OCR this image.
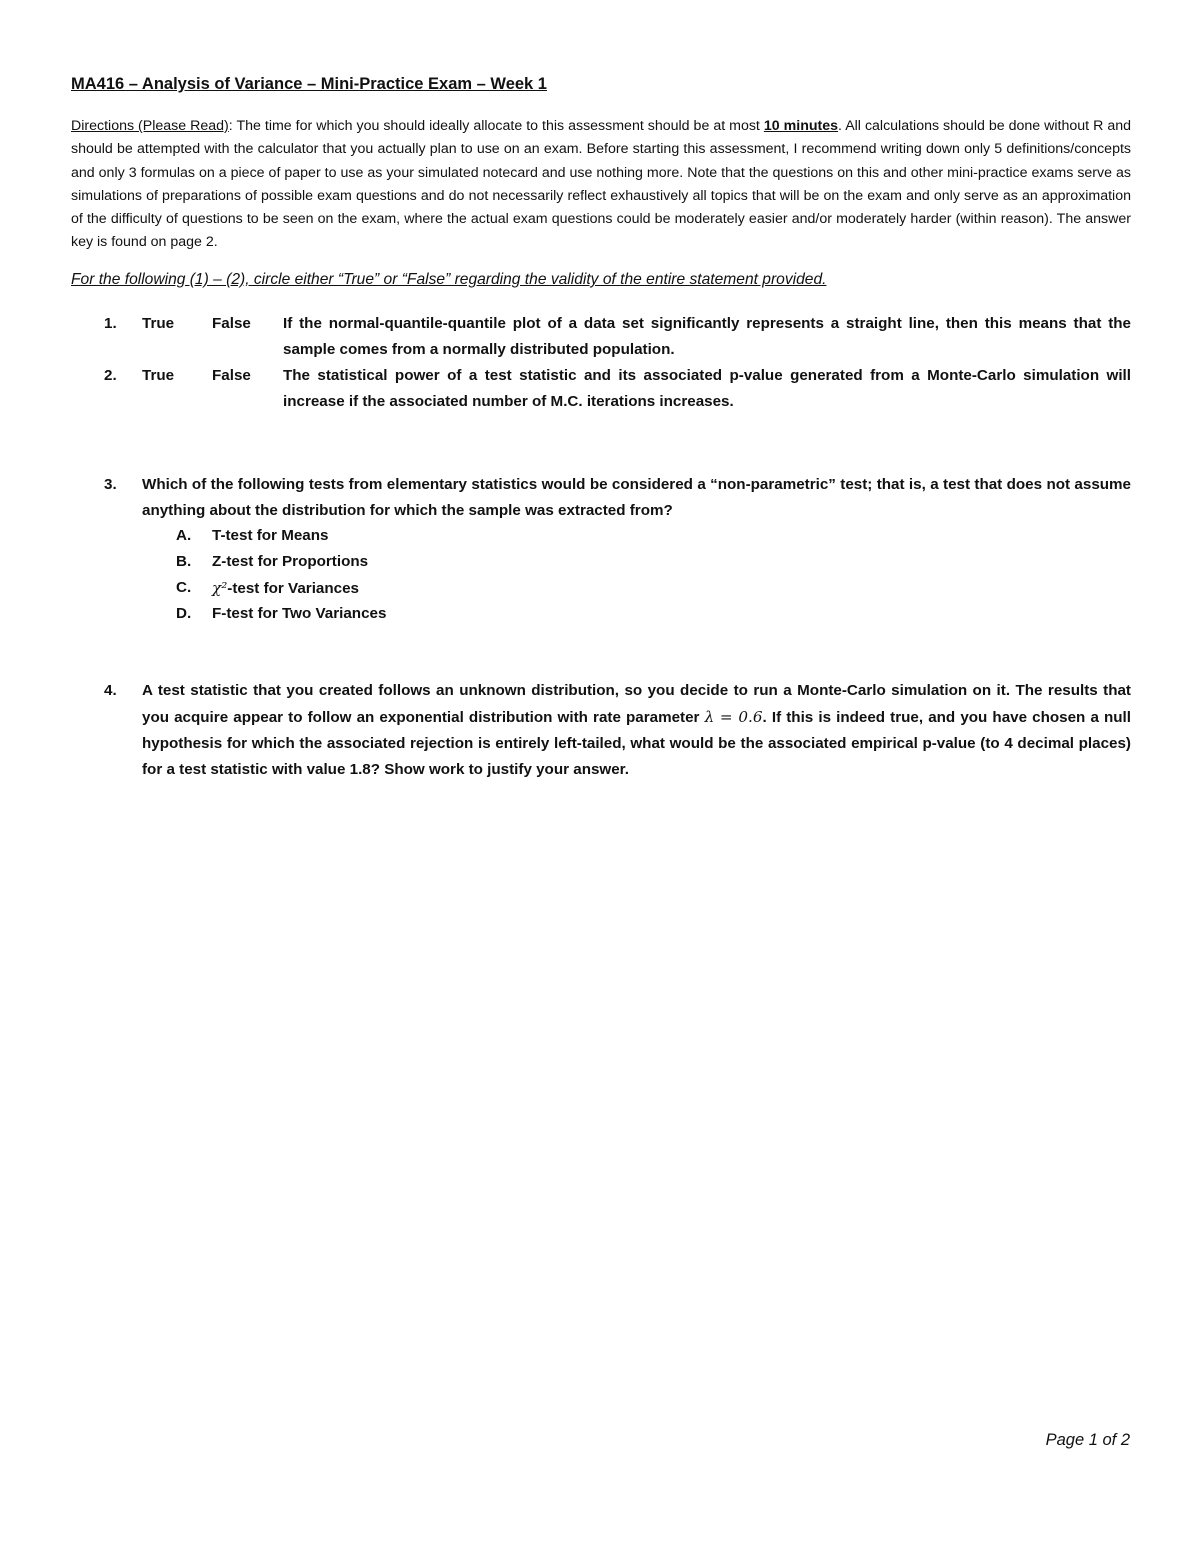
MA416 – Analysis of Variance – Mini-Practice Exam – Week 1
Directions (Please Read): The time for which you should ideally allocate to this assessment should be at most 10 minutes. All calculations should be done without R and should be attempted with the calculator that you actually plan to use on an exam. Before starting this assessment, I recommend writing down only 5 definitions/concepts and only 3 formulas on a piece of paper to use as your simulated notecard and use nothing more. Note that the questions on this and other mini-practice exams serve as simulations of preparations of possible exam questions and do not necessarily reflect exhaustively all topics that will be on the exam and only serve as an approximation of the difficulty of questions to be seen on the exam, where the actual exam questions could be moderately easier and/or moderately harder (within reason). The answer key is found on page 2.
For the following (1) – (2), circle either “True” or “False” regarding the validity of the entire statement provided.
1. True False If the normal-quantile-quantile plot of a data set significantly represents a straight line, then this means that the sample comes from a normally distributed population.
2. True False The statistical power of a test statistic and its associated p-value generated from a Monte-Carlo simulation will increase if the associated number of M.C. iterations increases.
3. Which of the following tests from elementary statistics would be considered a “non-parametric” test; that is, a test that does not assume anything about the distribution for which the sample was extracted from?
A. T-test for Means
B. Z-test for Proportions
C. χ²-test for Variances
D. F-test for Two Variances
4. A test statistic that you created follows an unknown distribution, so you decide to run a Monte-Carlo simulation on it. The results that you acquire appear to follow an exponential distribution with rate parameter λ = 0.6. If this is indeed true, and you have chosen a null hypothesis for which the associated rejection is entirely left-tailed, what would be the associated empirical p-value (to 4 decimal places) for a test statistic with value 1.8? Show work to justify your answer.
Page 1 of 2
